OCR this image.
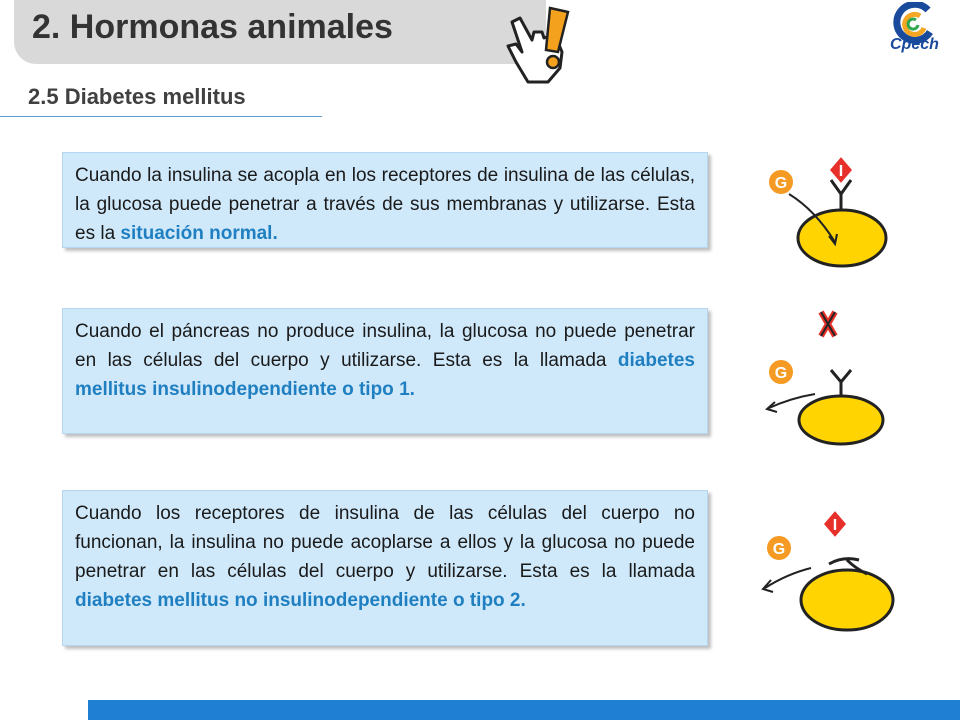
2. Hormonas animales	Cpech
2.5 Diabetes mellitus
Cuando la insulina se acopla en los receptores de insulina de las células, la glucosa puede penetrar a través de sus membranas y utilizarse. Esta es la situación normal.
Cuando el páncreas no produce insulina, la glucosa no puede penetrar en las células del cuerpo y utilizarse. Esta es la llamada diabetes mellitus insulinodependiente o tipo 1.
Cuando los receptores de insulina de las células del cuerpo no funcionan, la insulina no puede acoplarse a ellos y la glucosa no puede penetrar en las células del cuerpo y utilizarse. Esta es la llamada diabetes mellitus no insulinodependiente o tipo 2.
I
G
G
I
G
